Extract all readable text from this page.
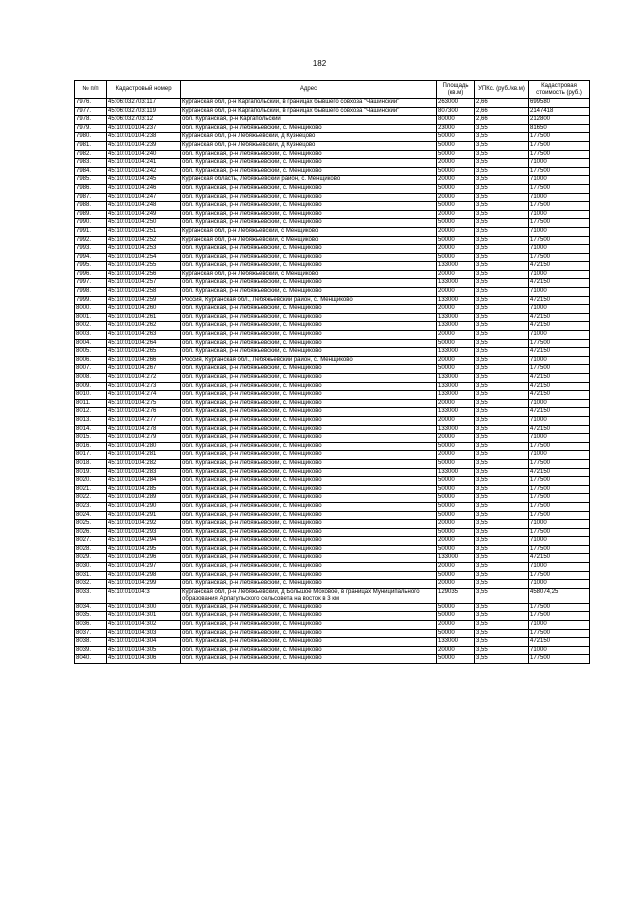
182
№ п/п	Кадастровый номер	Адрес	Площадь (кв.м)	УПКс. (руб./кв.м)	Кадастровая стоимость (руб.)
7976.	45:06:032703:117	Курганская обл, р-н Каргапольский, в границах бывшего совхоза "Чашинский"	263000	2,66	699580
7977.	45:06:032703:119	Курганская обл, р-н Каргапольский, в границах бывшего совхоза "Чашинский"	807300	2,66	2147418
7978.	45:06:032703:12	обл. Курганская, р-н Каргапольский	80000	2,66	212800
7979.	45:10:010104:237	обл. Курганская, р-н Лебяжьевский, с. Менщиково	23000	3,55	81650
7980.	45:10:010104:238	Курганская обл, р-н Лебяжьевский, д Кузнецово	50000	3,55	177500
7981.	45:10:010104:239	Курганская обл, р-н Лебяжьевский, д Кузнецово	50000	3,55	177500
7982.	45:10:010104:240	обл. Курганская, р-н Лебяжьевский, с. Менщиково	50000	3,55	177500
7983.	45:10:010104:241	обл. Курганская, р-н Лебяжьевский, с. Менщиково	20000	3,55	71000
7984.	45:10:010104:242	обл. Курганская, р-н Лебяжьевский, с. Менщиково	50000	3,55	177500
7985.	45:10:010104:245	Курганская область, Лебяжьевский район, с. Менщиково	20000	3,55	71000
7986.	45:10:010104:246	обл. Курганская, р-н Лебяжьевский, с. Менщиково	50000	3,55	177500
7987.	45:10:010104:247	обл. Курганская, р-н Лебяжьевский, с. Менщиково	20000	3,55	71000
7988.	45:10:010104:248	обл. Курганская, р-н Лебяжьевский, с. Менщиково	50000	3,55	177500
7989.	45:10:010104:249	обл. Курганская, р-н Лебяжьевский, с. Менщиково	20000	3,55	71000
7990.	45:10:010104:250	обл. Курганская, р-н Лебяжьевский, с. Менщиково	50000	3,55	177500
7991.	45:10:010104:251	Курганская обл, р-н Лебяжьевский, с Менщиково	20000	3,55	71000
7992.	45:10:010104:252	Курганская обл, р-н Лебяжьевский, с Менщиково	50000	3,55	177500
7993.	45:10:010104:253	обл. Курганская, р-н Лебяжьевский, с. Менщиково	20000	3,55	71000
7994.	45:10:010104:254	обл. Курганская, р-н Лебяжьевский, с. Менщиково	50000	3,55	177500
7995.	45:10:010104:255	обл. Курганская, р-н Лебяжьевский, с. Менщиково	133000	3,55	472150
7996.	45:10:010104:256	Курганская обл, р-н Лебяжьевский, с Менщиково	20000	3,55	71000
7997.	45:10:010104:257	обл. Курганская, р-н Лебяжьевский, с. Менщиково	133000	3,55	472150
7998.	45:10:010104:258	обл. Курганская, р-н Лебяжьевский, с. Менщиково	20000	3,55	71000
7999.	45:10:010104:259	Россия, Курганская обл., Лебяжьевский район, с. Менщиково	133000	3,55	472150
8000.	45:10:010104:260	обл. Курганская, р-н Лебяжьевский, с. Менщиково	20000	3,55	71000
8001.	45:10:010104:261	обл. Курганская, р-н Лебяжьевский, с. Менщиково	133000	3,55	472150
8002.	45:10:010104:262	обл. Курганская, р-н Лебяжьевский, с. Менщиково	133000	3,55	472150
8003.	45:10:010104:263	обл. Курганская, р-н Лебяжьевский, с. Менщиково	20000	3,55	71000
8004.	45:10:010104:264	обл. Курганская, р-н Лебяжьевский, с. Менщиково	50000	3,55	177500
8005.	45:10:010104:265	обл. Курганская, р-н Лебяжьевский, с. Менщиково	133000	3,55	472150
8006.	45:10:010104:266	Россия, Курганская обл., Лебяжьевский район, с. Менщиково	20000	3,55	71000
8007.	45:10:010104:267	обл. Курганская, р-н Лебяжьевский, с. Менщиково	50000	3,55	177500
8008.	45:10:010104:272	обл. Курганская, р-н Лебяжьевский, с. Менщиково	133000	3,55	472150
8009.	45:10:010104:273	обл. Курганская, р-н Лебяжьевский, с. Менщиково	133000	3,55	472150
8010.	45:10:010104:274	обл. Курганская, р-н Лебяжьевский, с. Менщиково	133000	3,55	472150
8011.	45:10:010104:275	обл. Курганская, р-н Лебяжьевский, с. Менщиково	20000	3,55	71000
8012.	45:10:010104:276	обл. Курганская, р-н Лебяжьевский, с. Менщиково	133000	3,55	472150
8013.	45:10:010104:277	обл. Курганская, р-н Лебяжьевский, с. Менщиково	20000	3,55	71000
8014.	45:10:010104:278	обл. Курганская, р-н Лебяжьевский, с. Менщиково	133000	3,55	472150
8015.	45:10:010104:279	обл. Курганская, р-н Лебяжьевский, с. Менщиково	20000	3,55	71000
8016.	45:10:010104:280	обл. Курганская, р-н Лебяжьевский, с. Менщиково	50000	3,55	177500
8017.	45:10:010104:281	обл. Курганская, р-н Лебяжьевский, с. Менщиково	20000	3,55	71000
8018.	45:10:010104:282	обл. Курганская, р-н Лебяжьевский, с. Менщиково	50000	3,55	177500
8019.	45:10:010104:283	обл. Курганская, р-н Лебяжьевский, с. Менщиково	133000	3,55	472150
8020.	45:10:010104:284	обл. Курганская, р-н Лебяжьевский, с. Менщиково	50000	3,55	177500
8021.	45:10:010104:285	обл. Курганская, р-н Лебяжьевский, с. Менщиково	50000	3,55	177500
8022.	45:10:010104:289	обл. Курганская, р-н Лебяжьевский, с. Менщиково	50000	3,55	177500
8023.	45:10:010104:290	обл. Курганская, р-н Лебяжьевский, с. Менщиково	50000	3,55	177500
8024.	45:10:010104:291	обл. Курганская, р-н Лебяжьевский, с. Менщиково	50000	3,55	177500
8025.	45:10:010104:292	обл. Курганская, р-н Лебяжьевский, с. Менщиково	20000	3,55	71000
8026.	45:10:010104:293	обл. Курганская, р-н Лебяжьевский, с. Менщиково	50000	3,55	177500
8027.	45:10:010104:294	обл. Курганская, р-н Лебяжьевский, с. Менщиково	20000	3,55	71000
8028.	45:10:010104:295	обл. Курганская, р-н Лебяжьевский, с. Менщиково	50000	3,55	177500
8029.	45:10:010104:296	обл. Курганская, р-н Лебяжьевский, с. Менщиково	133000	3,55	472150
8030.	45:10:010104:297	обл. Курганская, р-н Лебяжьевский, с. Менщиково	20000	3,55	71000
8031.	45:10:010104:298	обл. Курганская, р-н Лебяжьевский, с. Менщиково	50000	3,55	177500
8032.	45:10:010104:299	обл. Курганская, р-н Лебяжьевский, с. Менщиково	20000	3,55	71000
8033.	45:10:010104:3	Курганская обл, р-н Лебяжьевский, д Большое Моховое, в границах Муниципального образования Арлагульского сельсовета на восток в 3 км	129035	3,55	458074,25
8034.	45:10:010104:300	обл. Курганская, р-н Лебяжьевский, с. Менщиково	50000	3,55	177500
8035.	45:10:010104:301	обл. Курганская, р-н Лебяжьевский, с. Менщиково	50000	3,55	177500
8036.	45:10:010104:302	обл. Курганская, р-н Лебяжьевский, с. Менщиково	20000	3,55	71000
8037.	45:10:010104:303	обл. Курганская, р-н Лебяжьевский, с. Менщиково	50000	3,55	177500
8038.	45:10:010104:304	обл. Курганская, р-н Лебяжьевский, с. Менщиково	133000	3,55	472150
8039.	45:10:010104:305	обл. Курганская, р-н Лебяжьевский, с. Менщиково	20000	3,55	71000
8040.	45:10:010104:306	обл. Курганская, р-н Лебяжьевский, с. Менщиково	50000	3,55	177500
